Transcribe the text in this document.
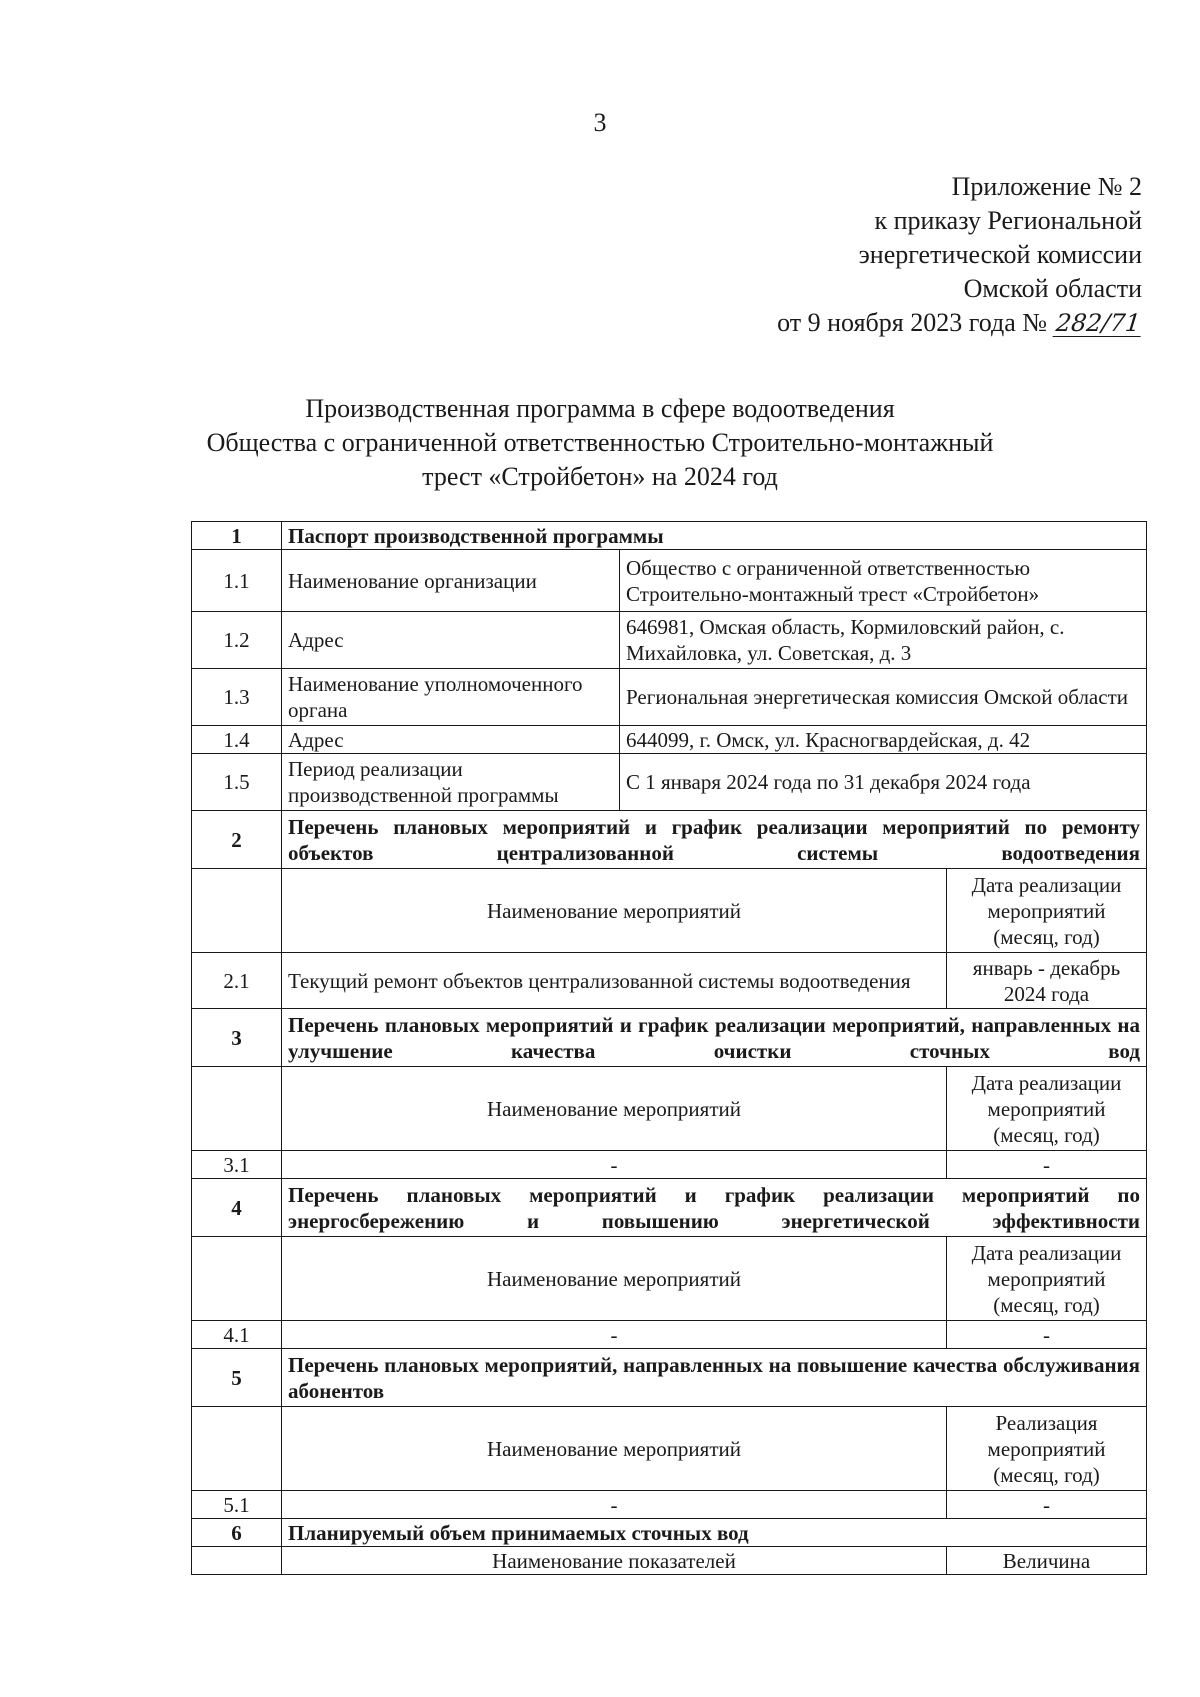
3
Приложение № 2
к приказу Региональной
энергетической комиссии
Омской области
от 9 ноября 2023 года № 282/71
Производственная программа в сфере водоотведения
Общества с ограниченной ответственностью Строительно-монтажный
трест «Стройбетон» на 2024 год
1	Паспорт производственной программы		
1.1	Наименование организации	Общество с ограниченной ответственностью Строительно-монтажный трест «Стройбетон»	
1.2	Адрес	646981, Омская область, Кормиловский район, с. Михайловка, ул. Советская, д. 3	
1.3	Наименование уполномоченного органа	Региональная энергетическая комиссия Омской области	
1.4	Адрес	644099, г. Омск, ул. Красногвардейская, д. 42	
1.5	Период реализации производственной программы	С 1 января 2024 года по 31 декабря 2024 года	
2	Перечень плановых мероприятий и график реализации мероприятий по ремонту объектов централизованной системы водоотведения		
	Наименование мероприятий		Дата реализации мероприятий (месяц, год)
2.1	Текущий ремонт объектов централизованной системы водоотведения		январь - декабрь 2024 года
3	Перечень плановых мероприятий и график реализации мероприятий, направленных на улучшение качества очистки сточных вод		
	Наименование мероприятий		Дата реализации мероприятий (месяц, год)
3.1	-		-
4	Перечень плановых мероприятий и график реализации мероприятий по энергосбережению и повышению энергетической эффективности		
	Наименование мероприятий		Дата реализации мероприятий (месяц, год)
4.1	-		-
5	Перечень плановых мероприятий, направленных на повышение качества обслуживания абонентов		
	Наименование мероприятий		Реализация мероприятий (месяц, год)
5.1	-		-
6	Планируемый объем принимаемых сточных вод		
	Наименование показателей		Величина
